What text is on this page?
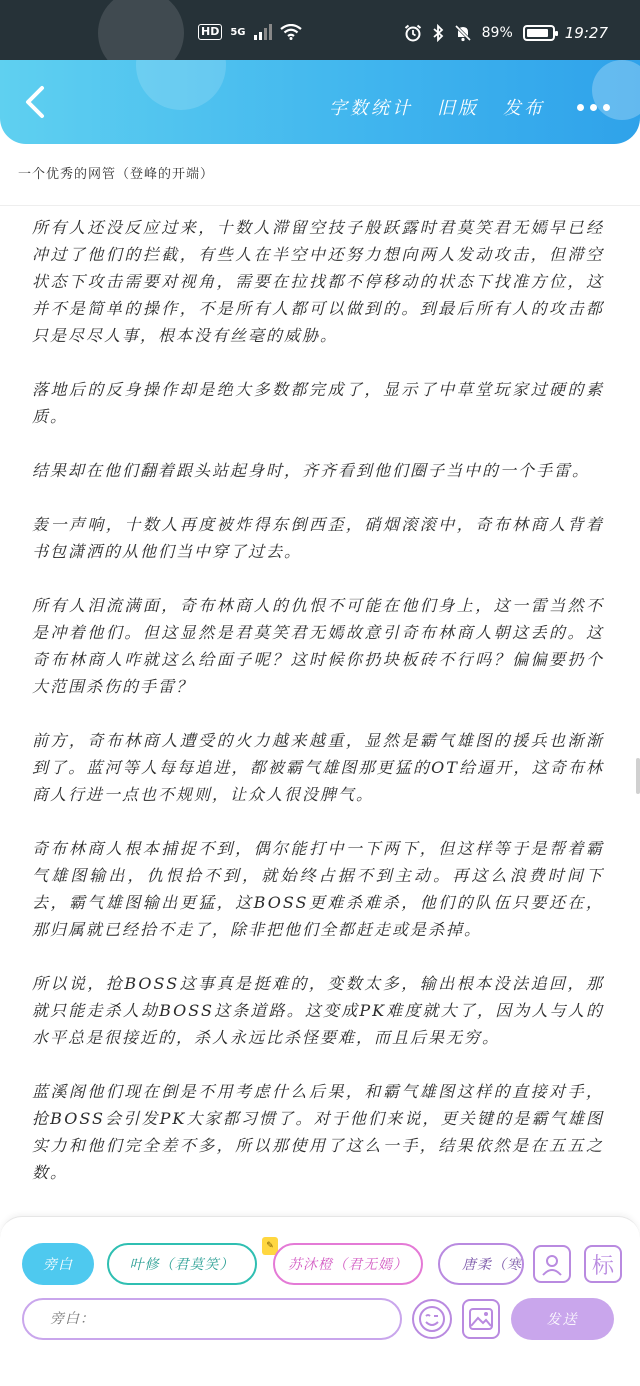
HD	5G	89%	19:27
字数统计 旧版 发布
一个优秀的网管（登峰的开端）

所有人还没反应过来，十数人滞留空技子般跃露时君莫笑君无嫣早已经冲过了他们的拦截，有些人在半空中还努力想向两人发动攻击，但滞空状态下攻击需要对视角，需要在拉找都不停移动的状态下找准方位，这并不是简单的操作，不是所有人都可以做到的。到最后所有人的攻击都只是尽尽人事，根本没有丝毫的威胁。

落地后的反身操作却是绝大多数都完成了，显示了中草堂玩家过硬的素质。

结果却在他们翻着跟头站起身时，齐齐看到他们圈子当中的一个手雷。

轰一声响，十数人再度被炸得东倒西歪，硝烟滚滚中，奇布林商人背着书包潇洒的从他们当中穿了过去。

所有人泪流满面，奇布林商人的仇恨不可能在他们身上，这一雷当然不是冲着他们。但这显然是君莫笑君无嫣故意引奇布林商人朝这丢的。这奇布林商人咋就这么给面子呢？这时候你扔块板砖不行吗？偏偏要扔个大范围杀伤的手雷？

前方，奇布林商人遭受的火力越来越重，显然是霸气雄图的援兵也渐渐到了。蓝河等人每每追进，都被霸气雄图那更猛的OT给逼开，这奇布林商人行进一点也不规则，让众人很没脾气。

奇布林商人根本捕捉不到，偶尔能打中一下两下，但这样等于是帮着霸气雄图输出，仇恨拾不到，就始终占据不到主动。再这么浪费时间下去，霸气雄图输出更猛，这BOSS更难杀难杀，他们的队伍只要还在，那归属就已经拾不走了，除非把他们全都赶走或是杀掉。

所以说，抢BOSS这事真是挺难的，变数太多，输出根本没法追回，那就只能走杀人劫BOSS这条道路。这变成PK难度就大了，因为人与人的水平总是很接近的，杀人永远比杀怪要难，而且后果无穷。

蓝溪阁他们现在倒是不用考虑什么后果，和霸气雄图这样的直接对手，抢BOSS会引发PK大家都习惯了。对于他们来说，更关键的是霸气雄图实力和他们完全差不多，所以那使用了这么一手，结果依然是在五五之数。

旁白	叶修（君莫笑）
✎
苏沐橙（君无嫣）	唐柔（寒	标
旁白：
发送
